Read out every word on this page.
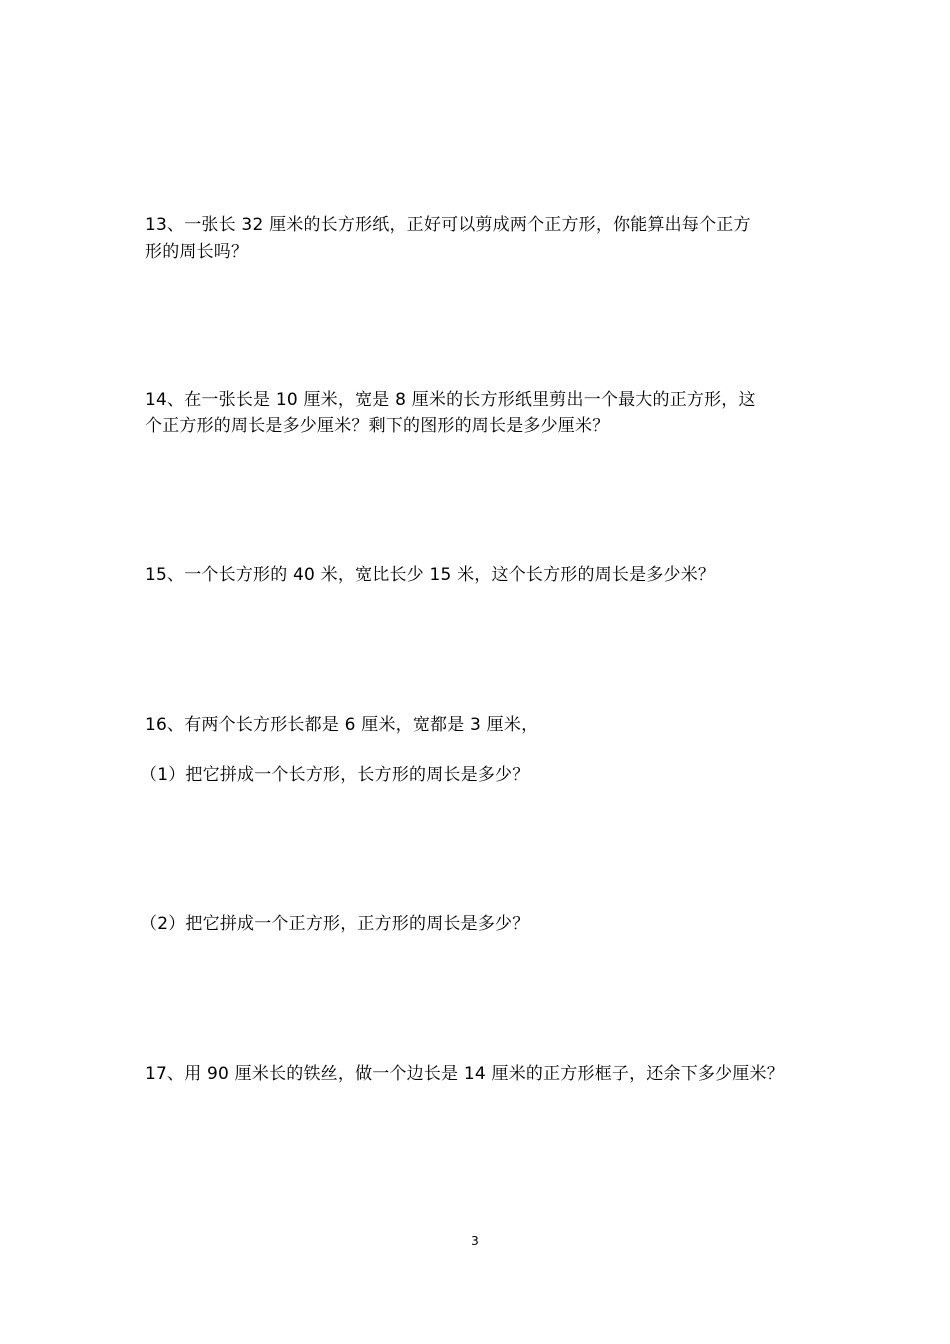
13、一张长 32 厘米的长方形纸，正好可以剪成两个正方形，你能算出每个正方
形的周长吗？
14、在一张长是 10 厘米，宽是 8 厘米的长方形纸里剪出一个最大的正方形，这
个正方形的周长是多少厘米？剩下的图形的周长是多少厘米？
15、一个长方形的 40 米，宽比长少 15 米，这个长方形的周长是多少米？
16、有两个长方形长都是 6 厘米，宽都是 3 厘米，
（1）把它拼成一个长方形，长方形的周长是多少？
（2）把它拼成一个正方形，正方形的周长是多少？
17、用 90 厘米长的铁丝，做一个边长是 14 厘米的正方形框子，还余下多少厘米？
3
